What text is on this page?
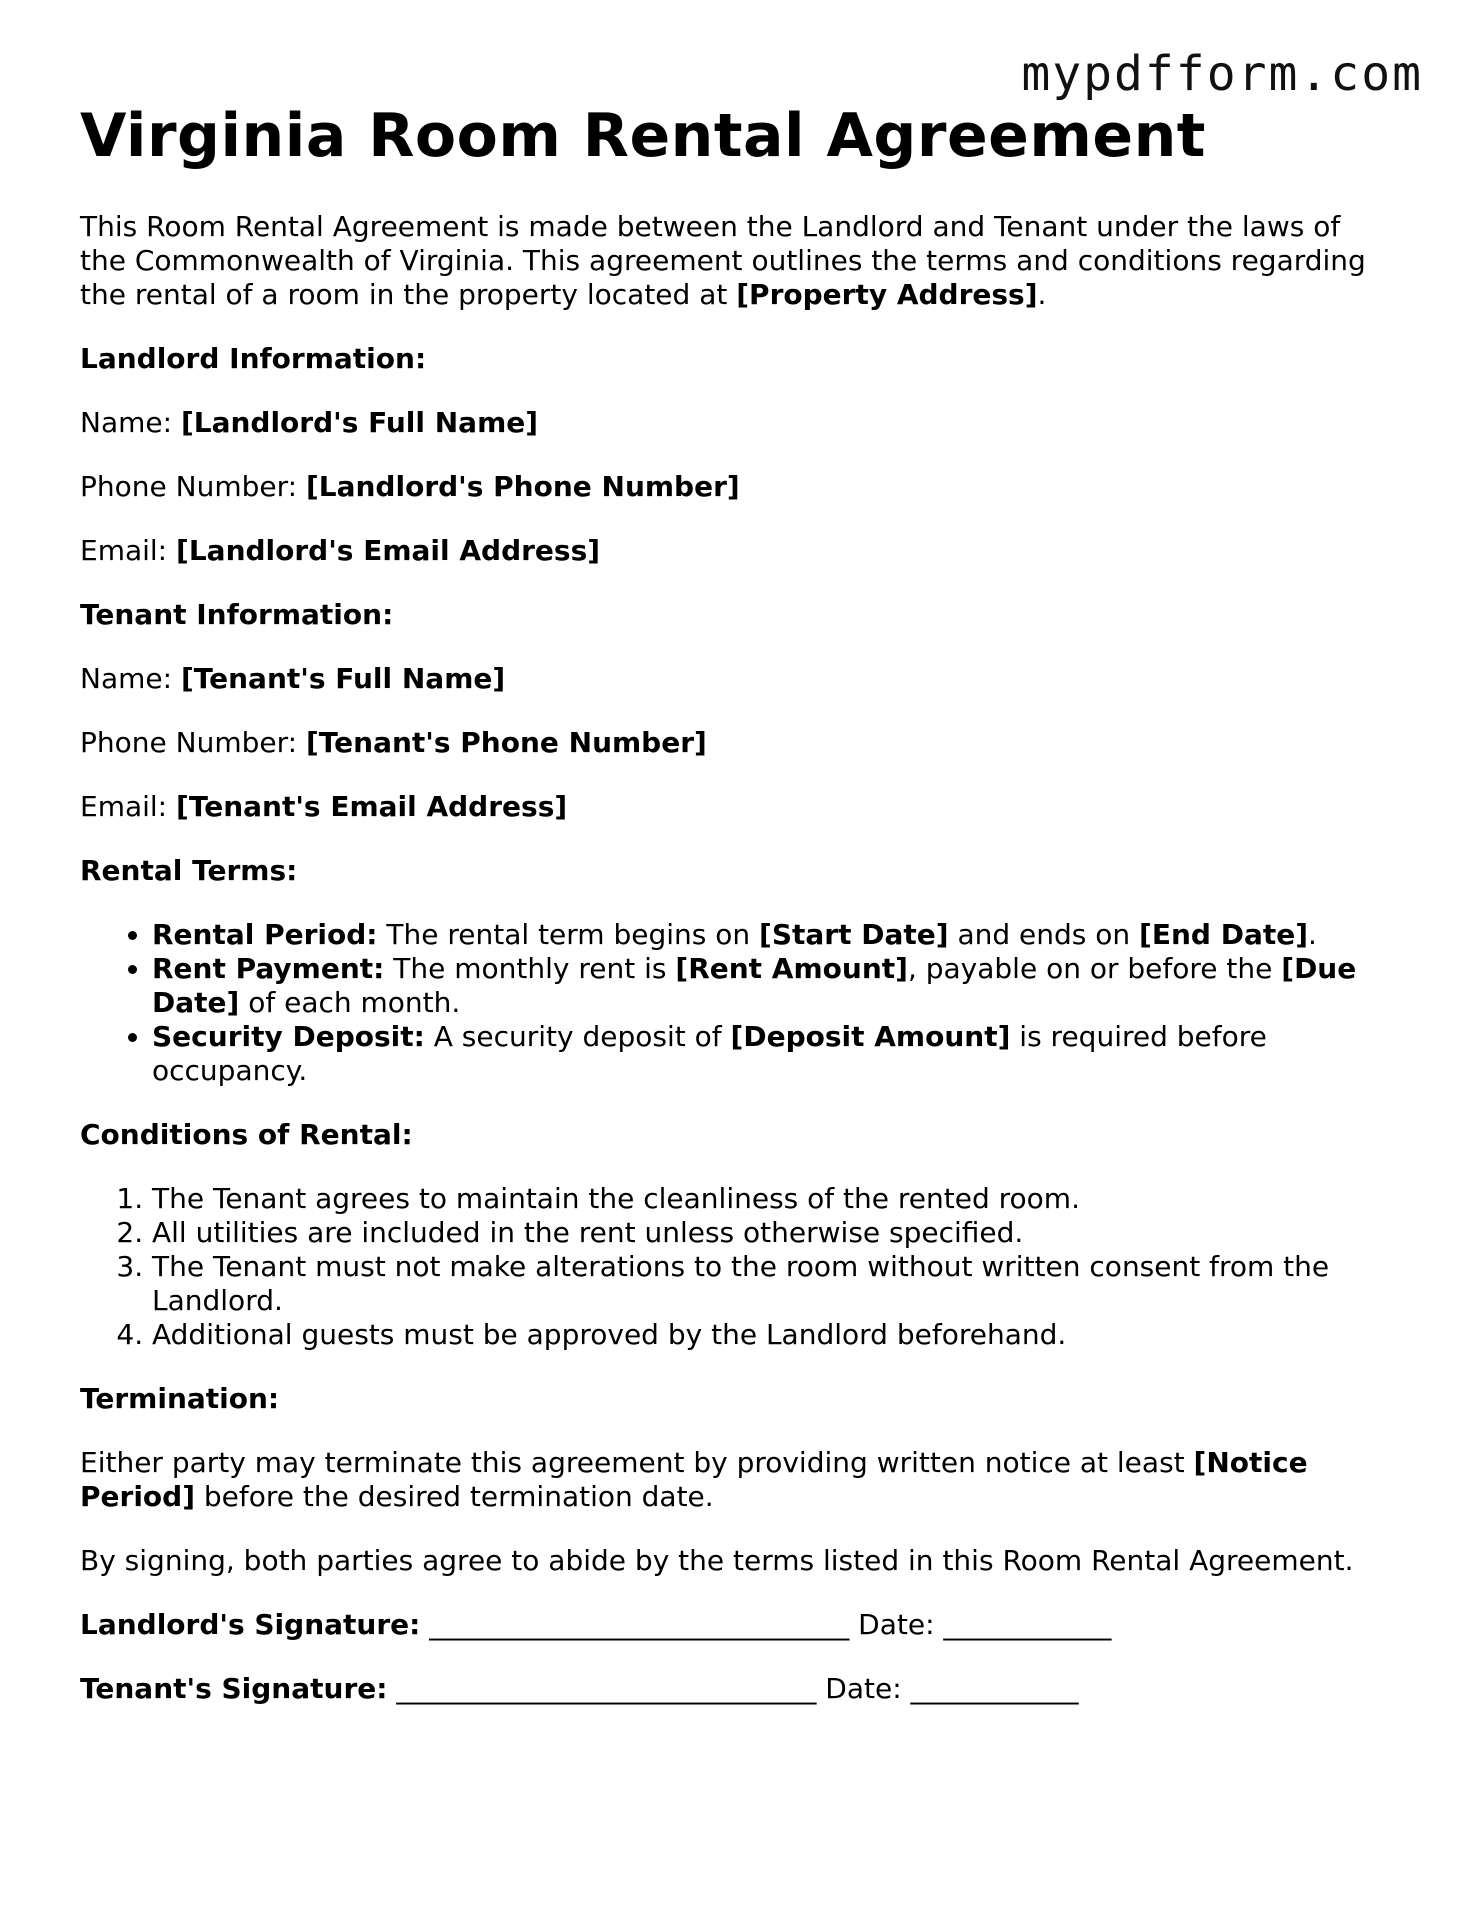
mypdfform.com
Virginia Room Rental Agreement

This Room Rental Agreement is made between the Landlord and Tenant under the laws of the Commonwealth of Virginia. This agreement outlines the terms and conditions regarding the rental of a room in the property located at [Property Address].

Landlord Information:

Name: [Landlord's Full Name]

Phone Number: [Landlord's Phone Number]

Email: [Landlord's Email Address]

Tenant Information:

Name: [Tenant's Full Name]

Phone Number: [Tenant's Phone Number]

Email: [Tenant's Email Address]

Rental Terms:

• Rental Period: The rental term begins on [Start Date] and ends on [End Date].
• Rent Payment: The monthly rent is [Rent Amount], payable on or before the [Due Date] of each month.
• Security Deposit: A security deposit of [Deposit Amount] is required before occupancy.

Conditions of Rental:

1. The Tenant agrees to maintain the cleanliness of the rented room.
2. All utilities are included in the rent unless otherwise specified.
3. The Tenant must not make alterations to the room without written consent from the Landlord.
4. Additional guests must be approved by the Landlord beforehand.

Termination:

Either party may terminate this agreement by providing written notice at least [Notice Period] before the desired termination date.

By signing, both parties agree to abide by the terms listed in this Room Rental Agreement.

Landlord's Signature: ______________________________ Date: ____________

Tenant's Signature: ______________________________ Date: ____________
